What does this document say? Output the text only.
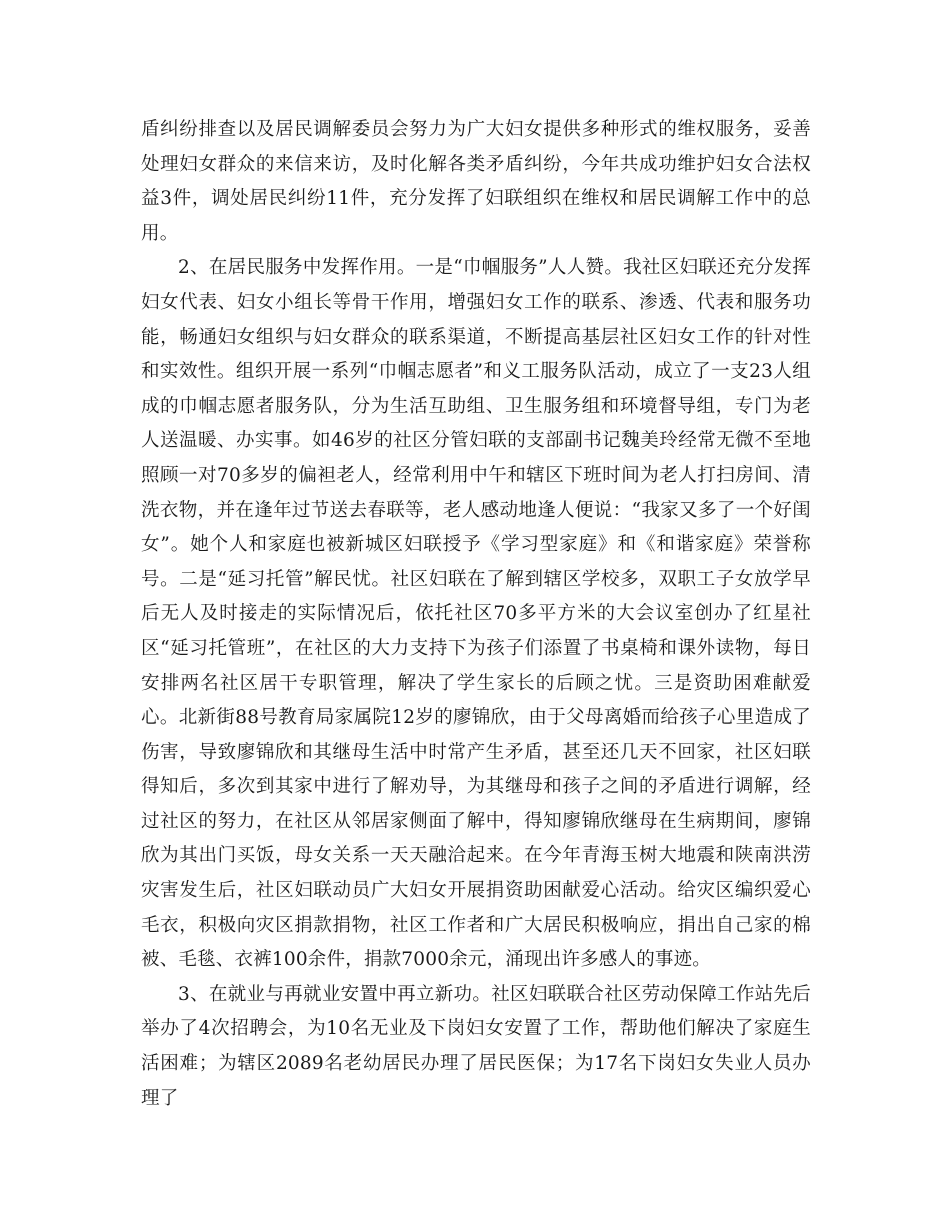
盾纠纷排查以及居民调解委员会努力为广大妇女提供多种形式的维权服务，妥善处理妇女群众的来信来访，及时化解各类矛盾纠纷，今年共成功维护妇女合法权益3件，调处居民纠纷11件，充分发挥了妇联组织在维权和居民调解工作中的总用。

2、在居民服务中发挥作用。一是“巾帼服务”人人赞。我社区妇联还充分发挥妇女代表、妇女小组长等骨干作用，增强妇女工作的联系、渗透、代表和服务功能，畅通妇女组织与妇女群众的联系渠道，不断提高基层社区妇女工作的针对性和实效性。组织开展一系列“巾帼志愿者”和义工服务队活动，成立了一支23人组成的巾帼志愿者服务队，分为生活互助组、卫生服务组和环境督导组，专门为老人送温暖、办实事。如46岁的社区分管妇联的支部副书记魏美玲经常无微不至地照顾一对70多岁的偏袒老人，经常利用中午和辖区下班时间为老人打扫房间、清洗衣物，并在逢年过节送去春联等，老人感动地逢人便说：“我家又多了一个好闺女”。她个人和家庭也被新城区妇联授予《学习型家庭》和《和谐家庭》荣誉称号。二是“延习托管”解民忧。社区妇联在了解到辖区学校多，双职工子女放学早后无人及时接走的实际情况后，依托社区70多平方米的大会议室创办了红星社区“延习托管班”，在社区的大力支持下为孩子们添置了书桌椅和课外读物，每日安排两名社区居干专职管理，解决了学生家长的后顾之忧。三是资助困难献爱心。北新街88号教育局家属院12岁的廖锦欣，由于父母离婚而给孩子心里造成了伤害，导致廖锦欣和其继母生活中时常产生矛盾，甚至还几天不回家，社区妇联得知后，多次到其家中进行了解劝导，为其继母和孩子之间的矛盾进行调解，经过社区的努力，在社区从邻居家侧面了解中，得知廖锦欣继母在生病期间，廖锦欣为其出门买饭，母女关系一天天融洽起来。在今年青海玉树大地震和陕南洪涝灾害发生后，社区妇联动员广大妇女开展捐资助困献爱心活动。给灾区编织爱心毛衣，积极向灾区捐款捐物，社区工作者和广大居民积极响应，捐出自己家的棉被、毛毯、衣裤100余件，捐款7000余元，涌现出许多感人的事迹。

3、在就业与再就业安置中再立新功。社区妇联联合社区劳动保障工作站先后举办了4次招聘会，为10名无业及下岗妇女安置了工作，帮助他们解决了家庭生活困难；为辖区2089名老幼居民办理了居民医保；为17名下岗妇女失业人员办理了
